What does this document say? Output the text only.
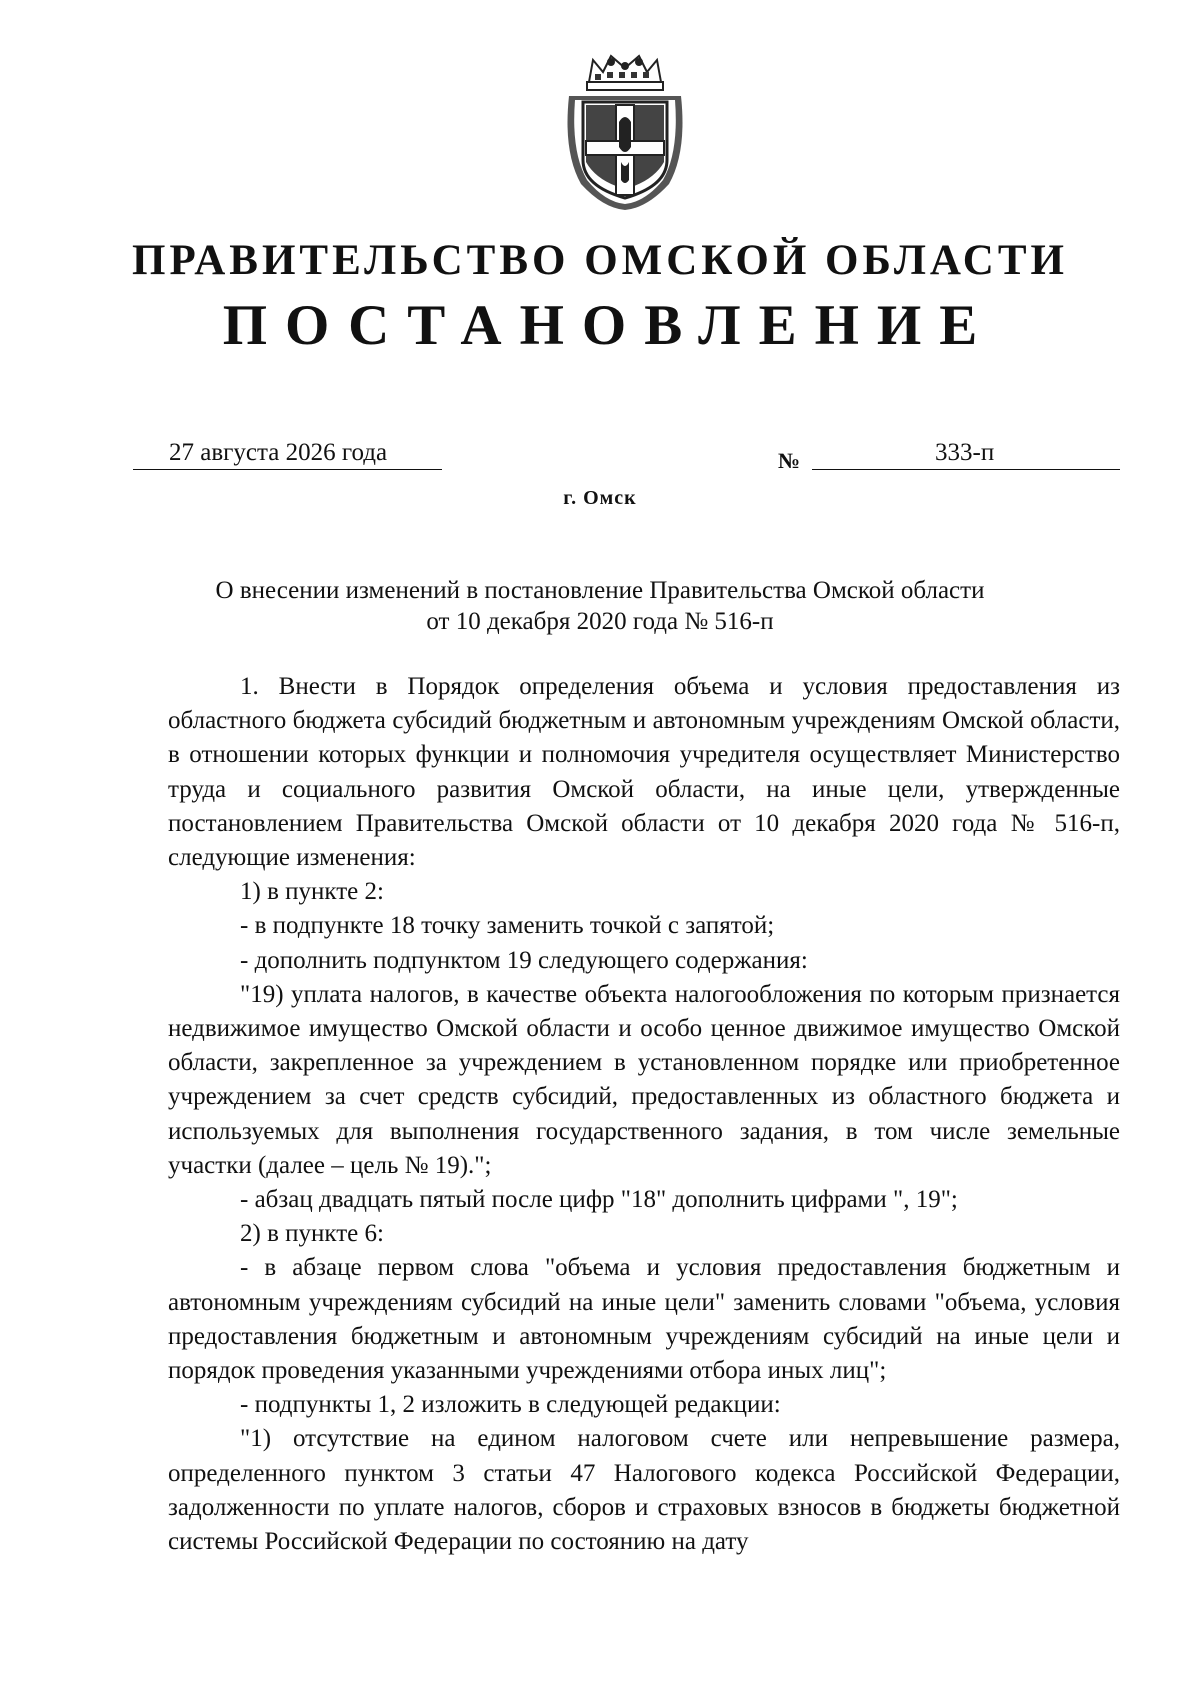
ПРАВИТЕЛЬСТВО ОМСКОЙ ОБЛАСТИ
ПОСТАНОВЛЕНИЕ
27 августа 2026 года	№	333-п
г. Омск
О внесении изменений в постановление Правительства Омской области
от 10 декабря 2020 года № 516-п

1. Внести в Порядок определения объема и условия предоставления из областного бюджета субсидий бюджетным и автономным учреждениям Омской области, в отношении которых функции и полномочия учредителя осуществляет Министерство труда и социального развития Омской области, на иные цели, утвержденные постановлением Правительства Омской области от 10 декабря 2020 года № 516-п, следующие изменения:

1) в пункте 2:

- в подпункте 18 точку заменить точкой с запятой;

- дополнить подпунктом 19 следующего содержания:

"19) уплата налогов, в качестве объекта налогообложения по которым признается недвижимое имущество Омской области и особо ценное движимое имущество Омской области, закрепленное за учреждением в установленном порядке или приобретенное учреждением за счет средств субсидий, предоставленных из областного бюджета и используемых для выполнения государственного задания, в том числе земельные участки (далее – цель № 19).";

- абзац двадцать пятый после цифр "18" дополнить цифрами ", 19";

2) в пункте 6:

- в абзаце первом слова "объема и условия предоставления бюджетным и автономным учреждениям субсидий на иные цели" заменить словами "объема, условия предоставления бюджетным и автономным учреждениям субсидий на иные цели и порядок проведения указанными учреждениями отбора иных лиц";

- подпункты 1, 2 изложить в следующей редакции:

"1) отсутствие на едином налоговом счете или непревышение размера, определенного пунктом 3 статьи 47 Налогового кодекса Российской Федерации, задолженности по уплате налогов, сборов и страховых взносов в бюджеты бюджетной системы Российской Федерации по состоянию на дату
